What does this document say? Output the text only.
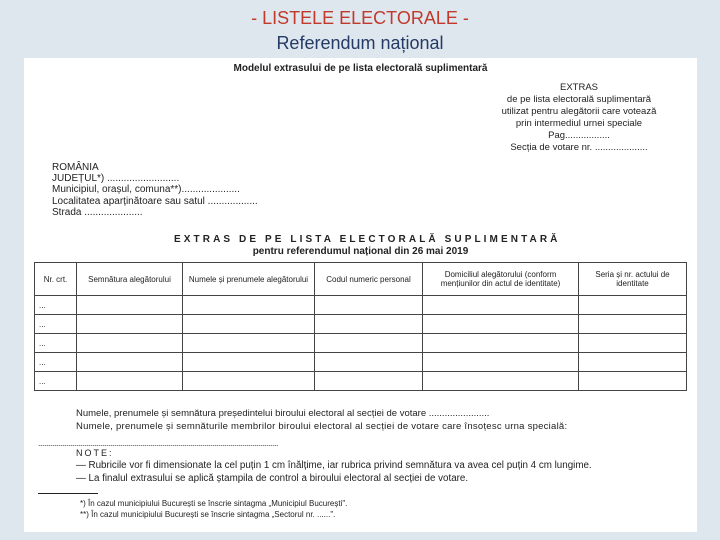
- LISTELE ELECTORALE -
Referendum național
Modelul extrasului de pe lista electorală suplimentară
EXTRAS
de pe lista electorală suplimentară
utilizat pentru alegătorii care votează
prin intermediul urnei speciale
Pag.................
Secția de votare nr. ....................
ROMÂNIA
JUDEȚUL*) ..........................
Municipiul, orașul, comuna**).....................
Localitatea aparținătoare sau satul ..................
Strada .....................
EXTRAS DE PE LISTA ELECTORALĂ SUPLIMENTARĂ
pentru referendumul național din 26 mai 2019
Nr. crt.	Semnătura alegătorului	Numele și prenumele alegătorului	Codul numeric personal	Domiciliul alegătorului (conform mențiunilor din actul de identitate)	Seria și nr. actului de identitate
...					
...					
...					
...					
...					
Numele, prenumele și semnătura președintelui biroului electoral al secției de votare .......................
Numele, prenumele și semnăturile membrilor biroului electoral al secției de votare care însoțesc urna specială:
........................................................................................................................
NOTE:
— Rubricile vor fi dimensionate la cel puțin 1 cm înălțime, iar rubrica privind semnătura va avea cel puțin 4 cm lungime.
— La finalul extrasului se aplică ștampila de control a biroului electoral al secției de votare.
*) În cazul municipiului București se înscrie sintagma „Municipiul București".
**) În cazul municipiului București se înscrie sintagma „Sectorul nr. ......".
